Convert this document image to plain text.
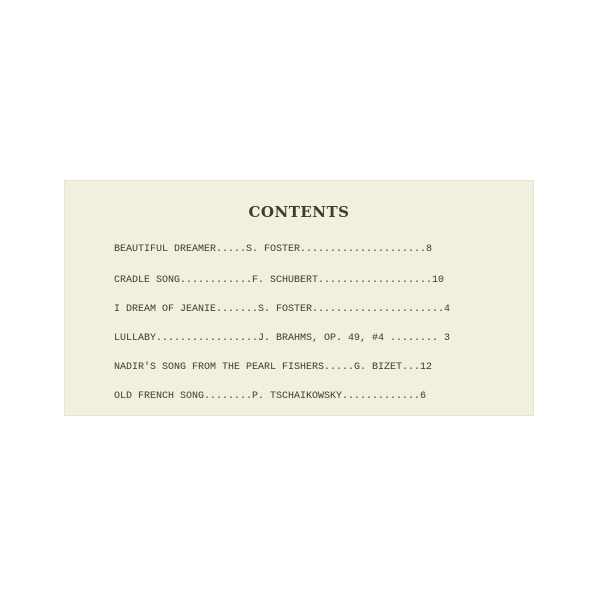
CONTENTS
BEAUTIFUL DREAMER.....S. FOSTER.....................8
CRADLE SONG............F. SCHUBERT...................10
I DREAM OF JEANIE.......S. FOSTER......................4
LULLABY.................J. BRAHMS, OP. 49, #4 ........ 3
NADIR'S SONG FROM THE PEARL FISHERS.....G. BIZET...12
OLD FRENCH SONG........P. TSCHAIKOWSKY.............6
